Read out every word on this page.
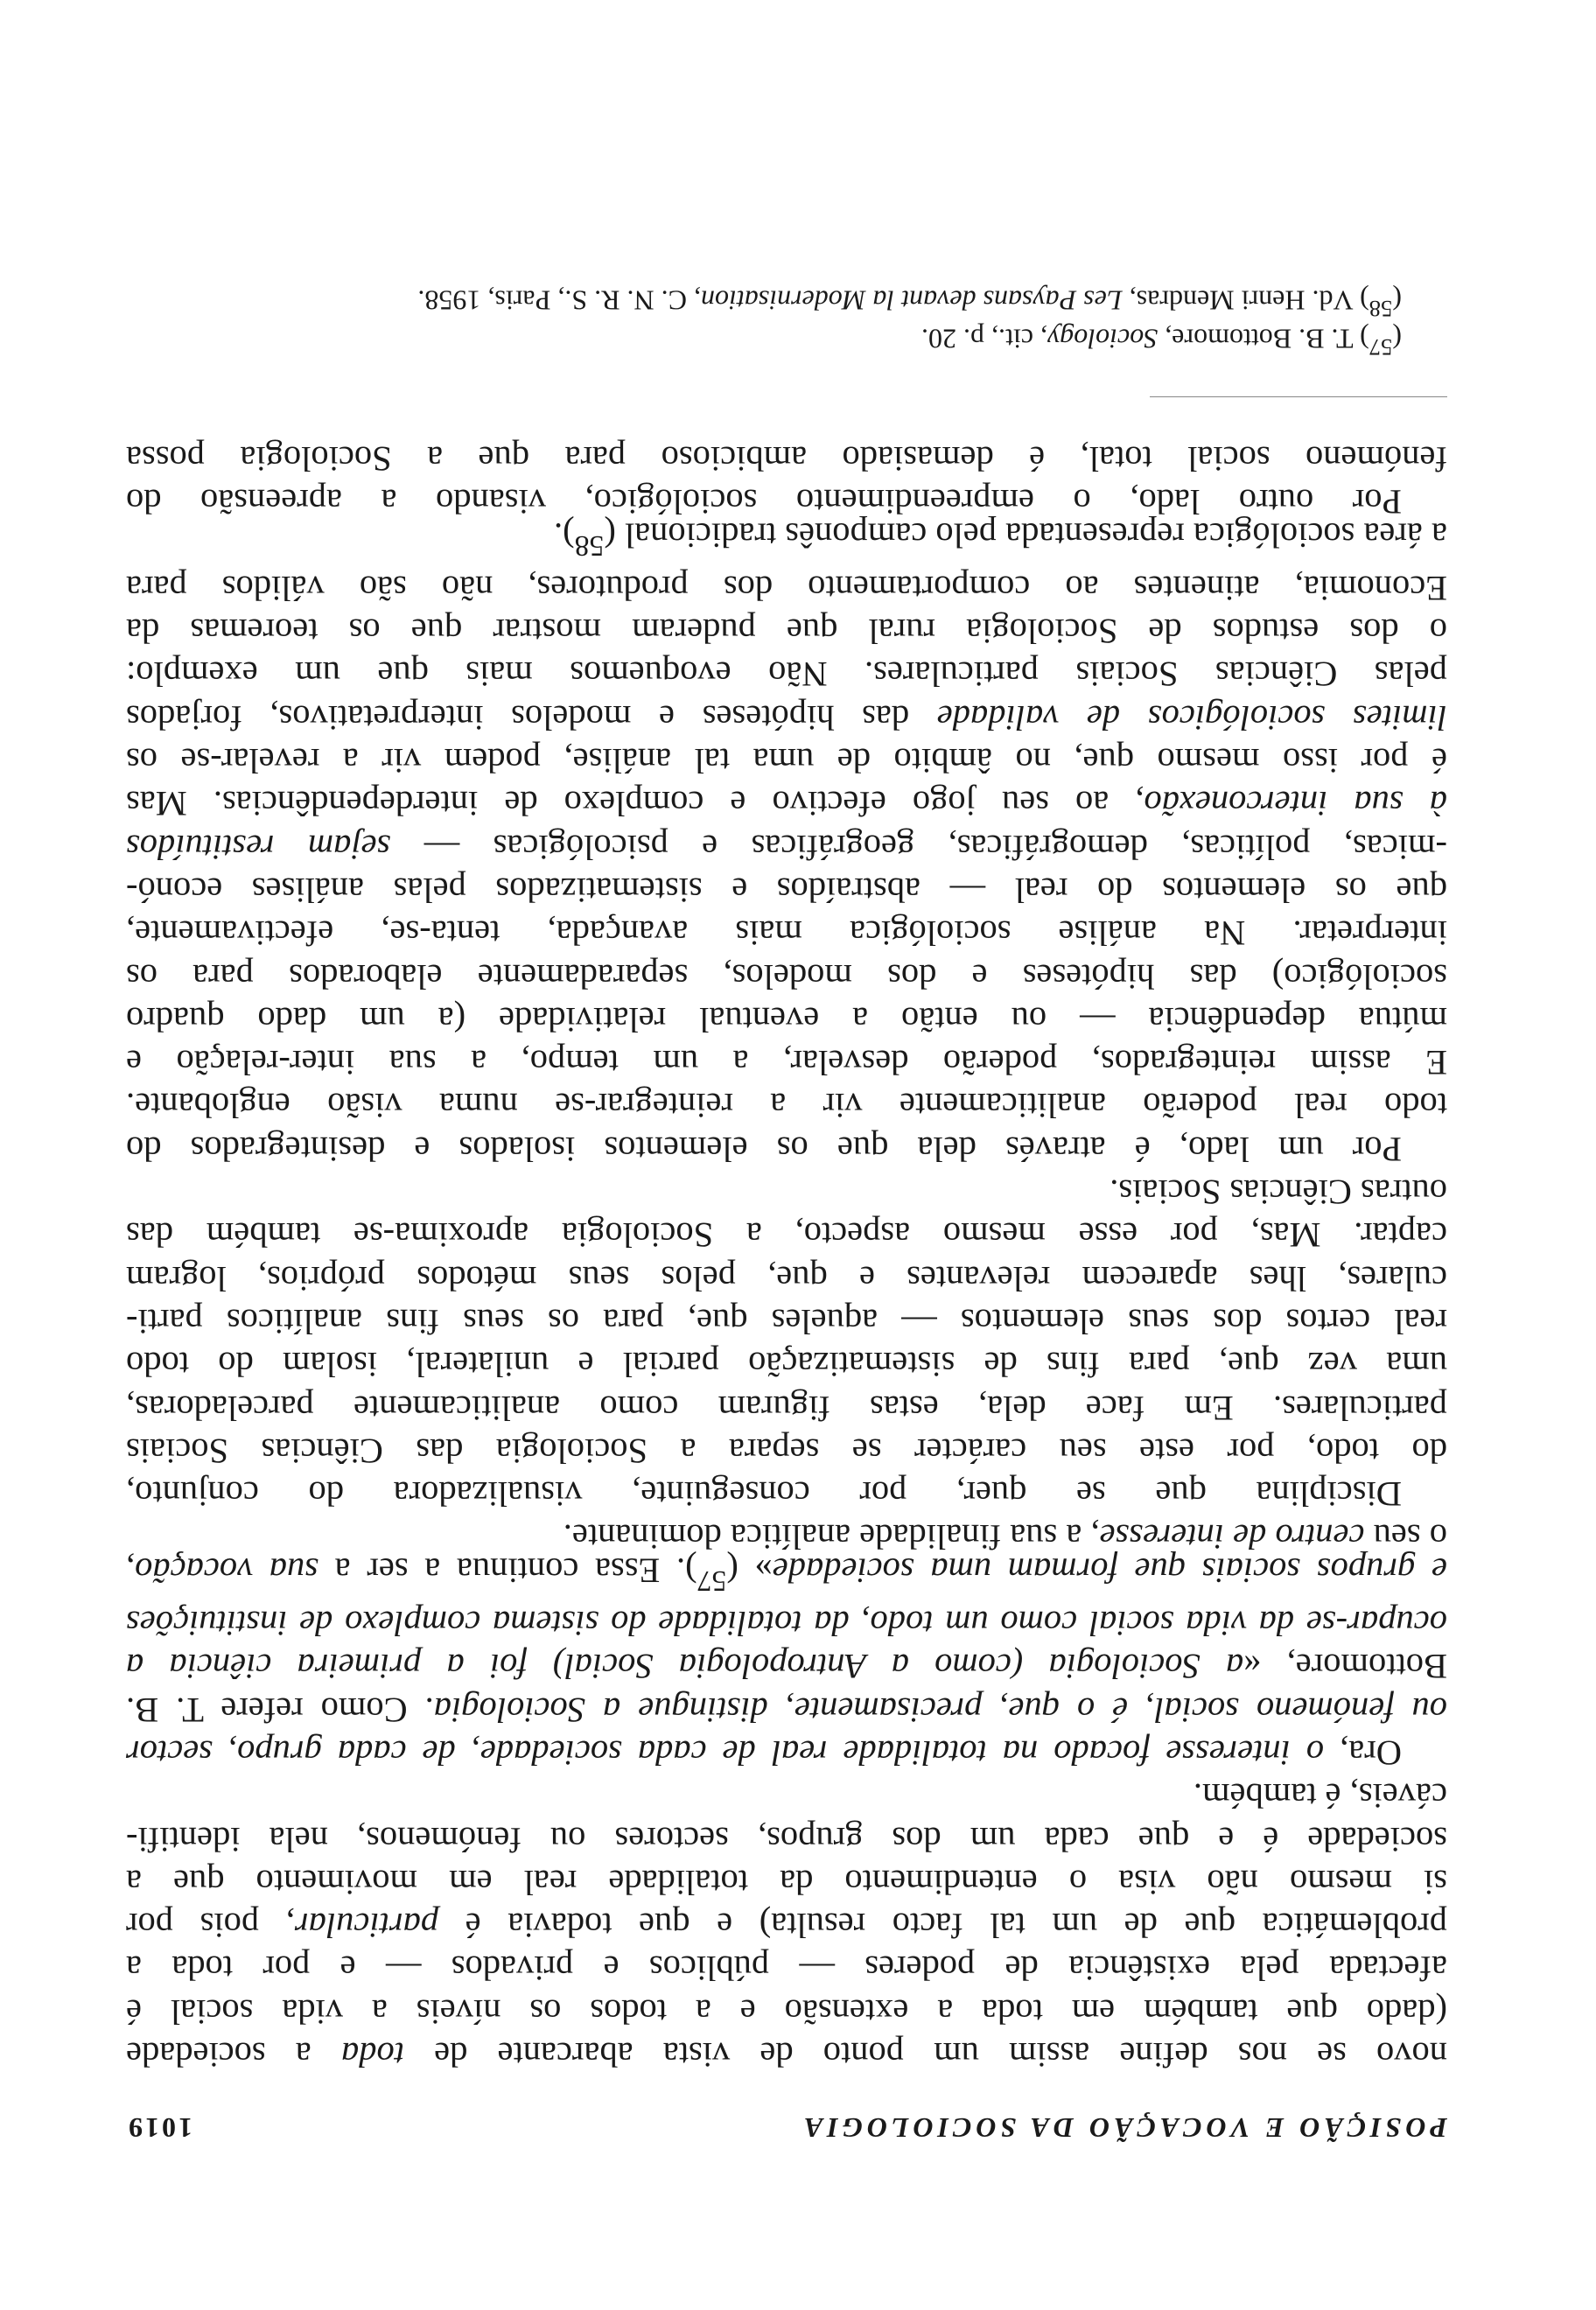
POSIÇÃO E VOCAÇÃO DA SOCIOLOGIA
1019
novo se nos define assim um ponto de vista abarcante de toda a sociedade
(dado que também em toda a extensão e a todos os níveis a vida social é
afectada pela existência de poderes — públicos e privados — e por toda a
problemática que de um tal facto resulta) e que todavia é particular, pois por
si mesmo não visa o entendimento da totalidade real em movimento que a
sociedade é e que cada um dos grupos, sectores ou fenómenos, nela identifi-
cáveis, é também.
Ora, o interesse focado na totalidade real de cada sociedade, de cada grupo, sector
ou fenómeno social, é o que, precisamente, distingue a Sociologia. Como refere T. B.
Bottomore, «a Sociologia (como a Antropologia Social) foi a primeira ciência a
ocupar-se da vida social como um todo, da totalidade do sistema complexo de instituições
e grupos sociais que formam uma sociedade» ($^{57}$). Essa continua a ser a sua vocação,
o seu centro de interesse, a sua finalidade analítica dominante.
Disciplina que se quer, por conseguinte, visualizadora do conjunto,
do todo, por este seu carácter se separa a Sociologia das Ciências Sociais
particulares. Em face dela, estas figuram como analiticamente parceladoras,
uma vez que, para fins de sistematização parcial e unilateral, isolam do todo
real certos dos seus elementos — aqueles que, para os seus fins analíticos parti-
culares, lhes aparecem relevantes e que, pelos seus métodos próprios, logram
captar. Mas, por esse mesmo aspecto, a Sociologia aproxima-se também das
outras Ciências Sociais.
Por um lado, é através dela que os elementos isolados e desintegrados do
todo real poderão analiticamente vir a reintegrar-se numa visão englobante.
E assim reintegrados, poderão desvelar, a um tempo, a sua inter-relação e
mútua dependência — ou então a eventual relatividade (a um dado quadro
sociológico) das hipóteses e dos modelos, separadamente elaborados para os
interpretar. Na análise sociológica mais avançada, tenta-se, efectivamente,
que os elementos do real — abstraídos e sistematizados pelas análises econó-
-micas, políticas, demográficas, geográficas e psicológicas — sejam restituídos
à sua interconexão, ao seu jogo efectivo e complexo de interdependências. Mas
é por isso mesmo que, no âmbito de uma tal análise, podem vir a revelar-se os
limites sociológicos de validade das hipóteses e modelos interpretativos, forjados
pelas Ciências Sociais particulares. Não evoquemos mais que um exemplo:
o dos estudos de Sociologia rural que puderam mostrar que os teoremas da
Economia, atinentes ao comportamento dos produtores, não são válidos para
a área sociológica representada pelo camponês tradicional ($^{58}$).
Por outro lado, o empreendimento sociológico, visando a apreensão do
fenómeno social total, é demasiado ambicioso para que a Sociologia possa
($^{57}$) T. B. Bottomore, Sociology, cit., p. 20.
($^{58}$) Vd. Henri Mendras, Les Paysans devant la Modernisation, C. N. R. S., Paris, 1958.
